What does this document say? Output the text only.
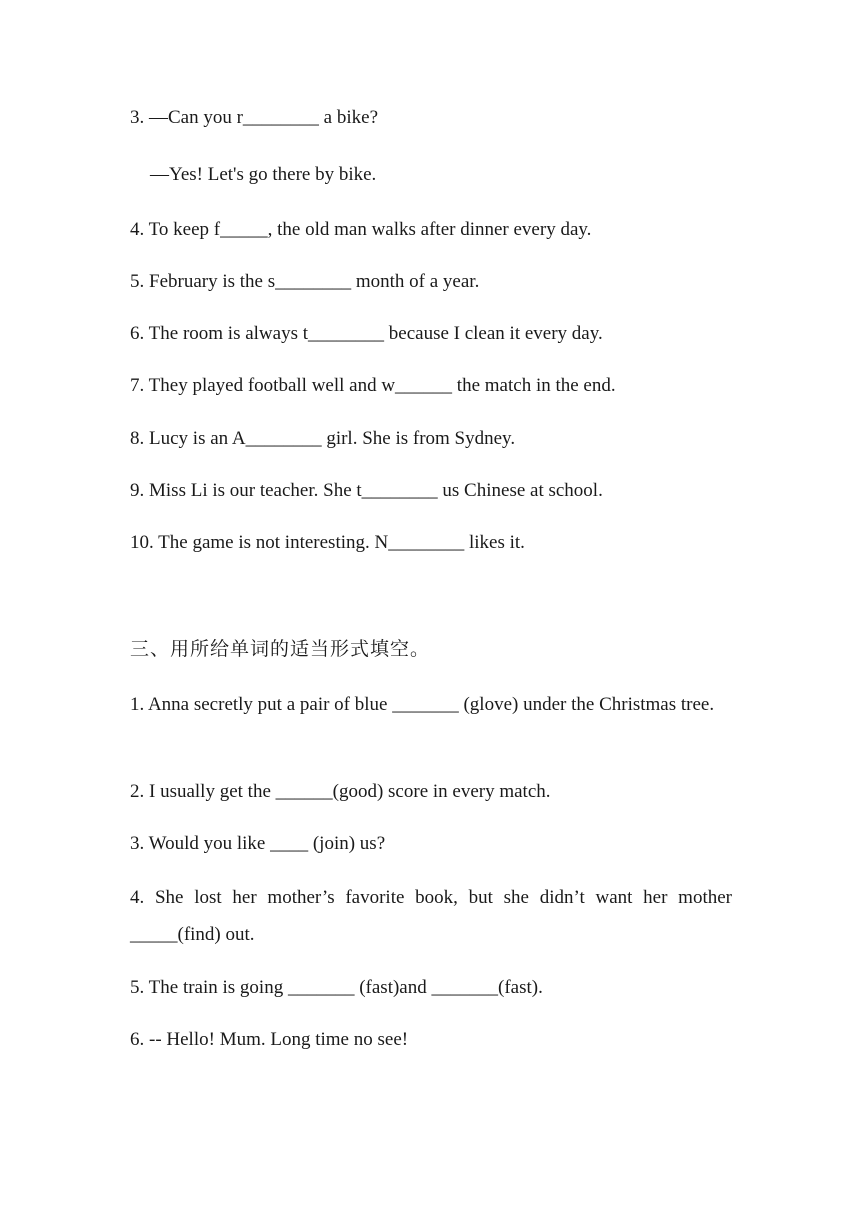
3. —Can you r________ a bike?
—Yes! Let's go there by bike.
4. To keep f_____, the old man walks after dinner every day.
5. February is the s________ month of a year.
6. The room is always t________ because I clean it every day.
7. They played football well and w______ the match in the end.
8. Lucy is an A________ girl. She is from Sydney.
9. Miss Li is our teacher. She t________ us Chinese at school.
10. The game is not interesting. N________ likes it.
三、用所给单词的适当形式填空。
1. Anna secretly put a pair of blue _______ (glove) under the Christmas tree.
2. I usually get the ______(good) score in every match.
3. Would you like ____ (join) us?
4. She lost her mother’s favorite book, but she didn’t want her mother _____(find) out.
5. The train is going _______ (fast)and _______(fast).
6. -- Hello! Mum. Long time no see!
